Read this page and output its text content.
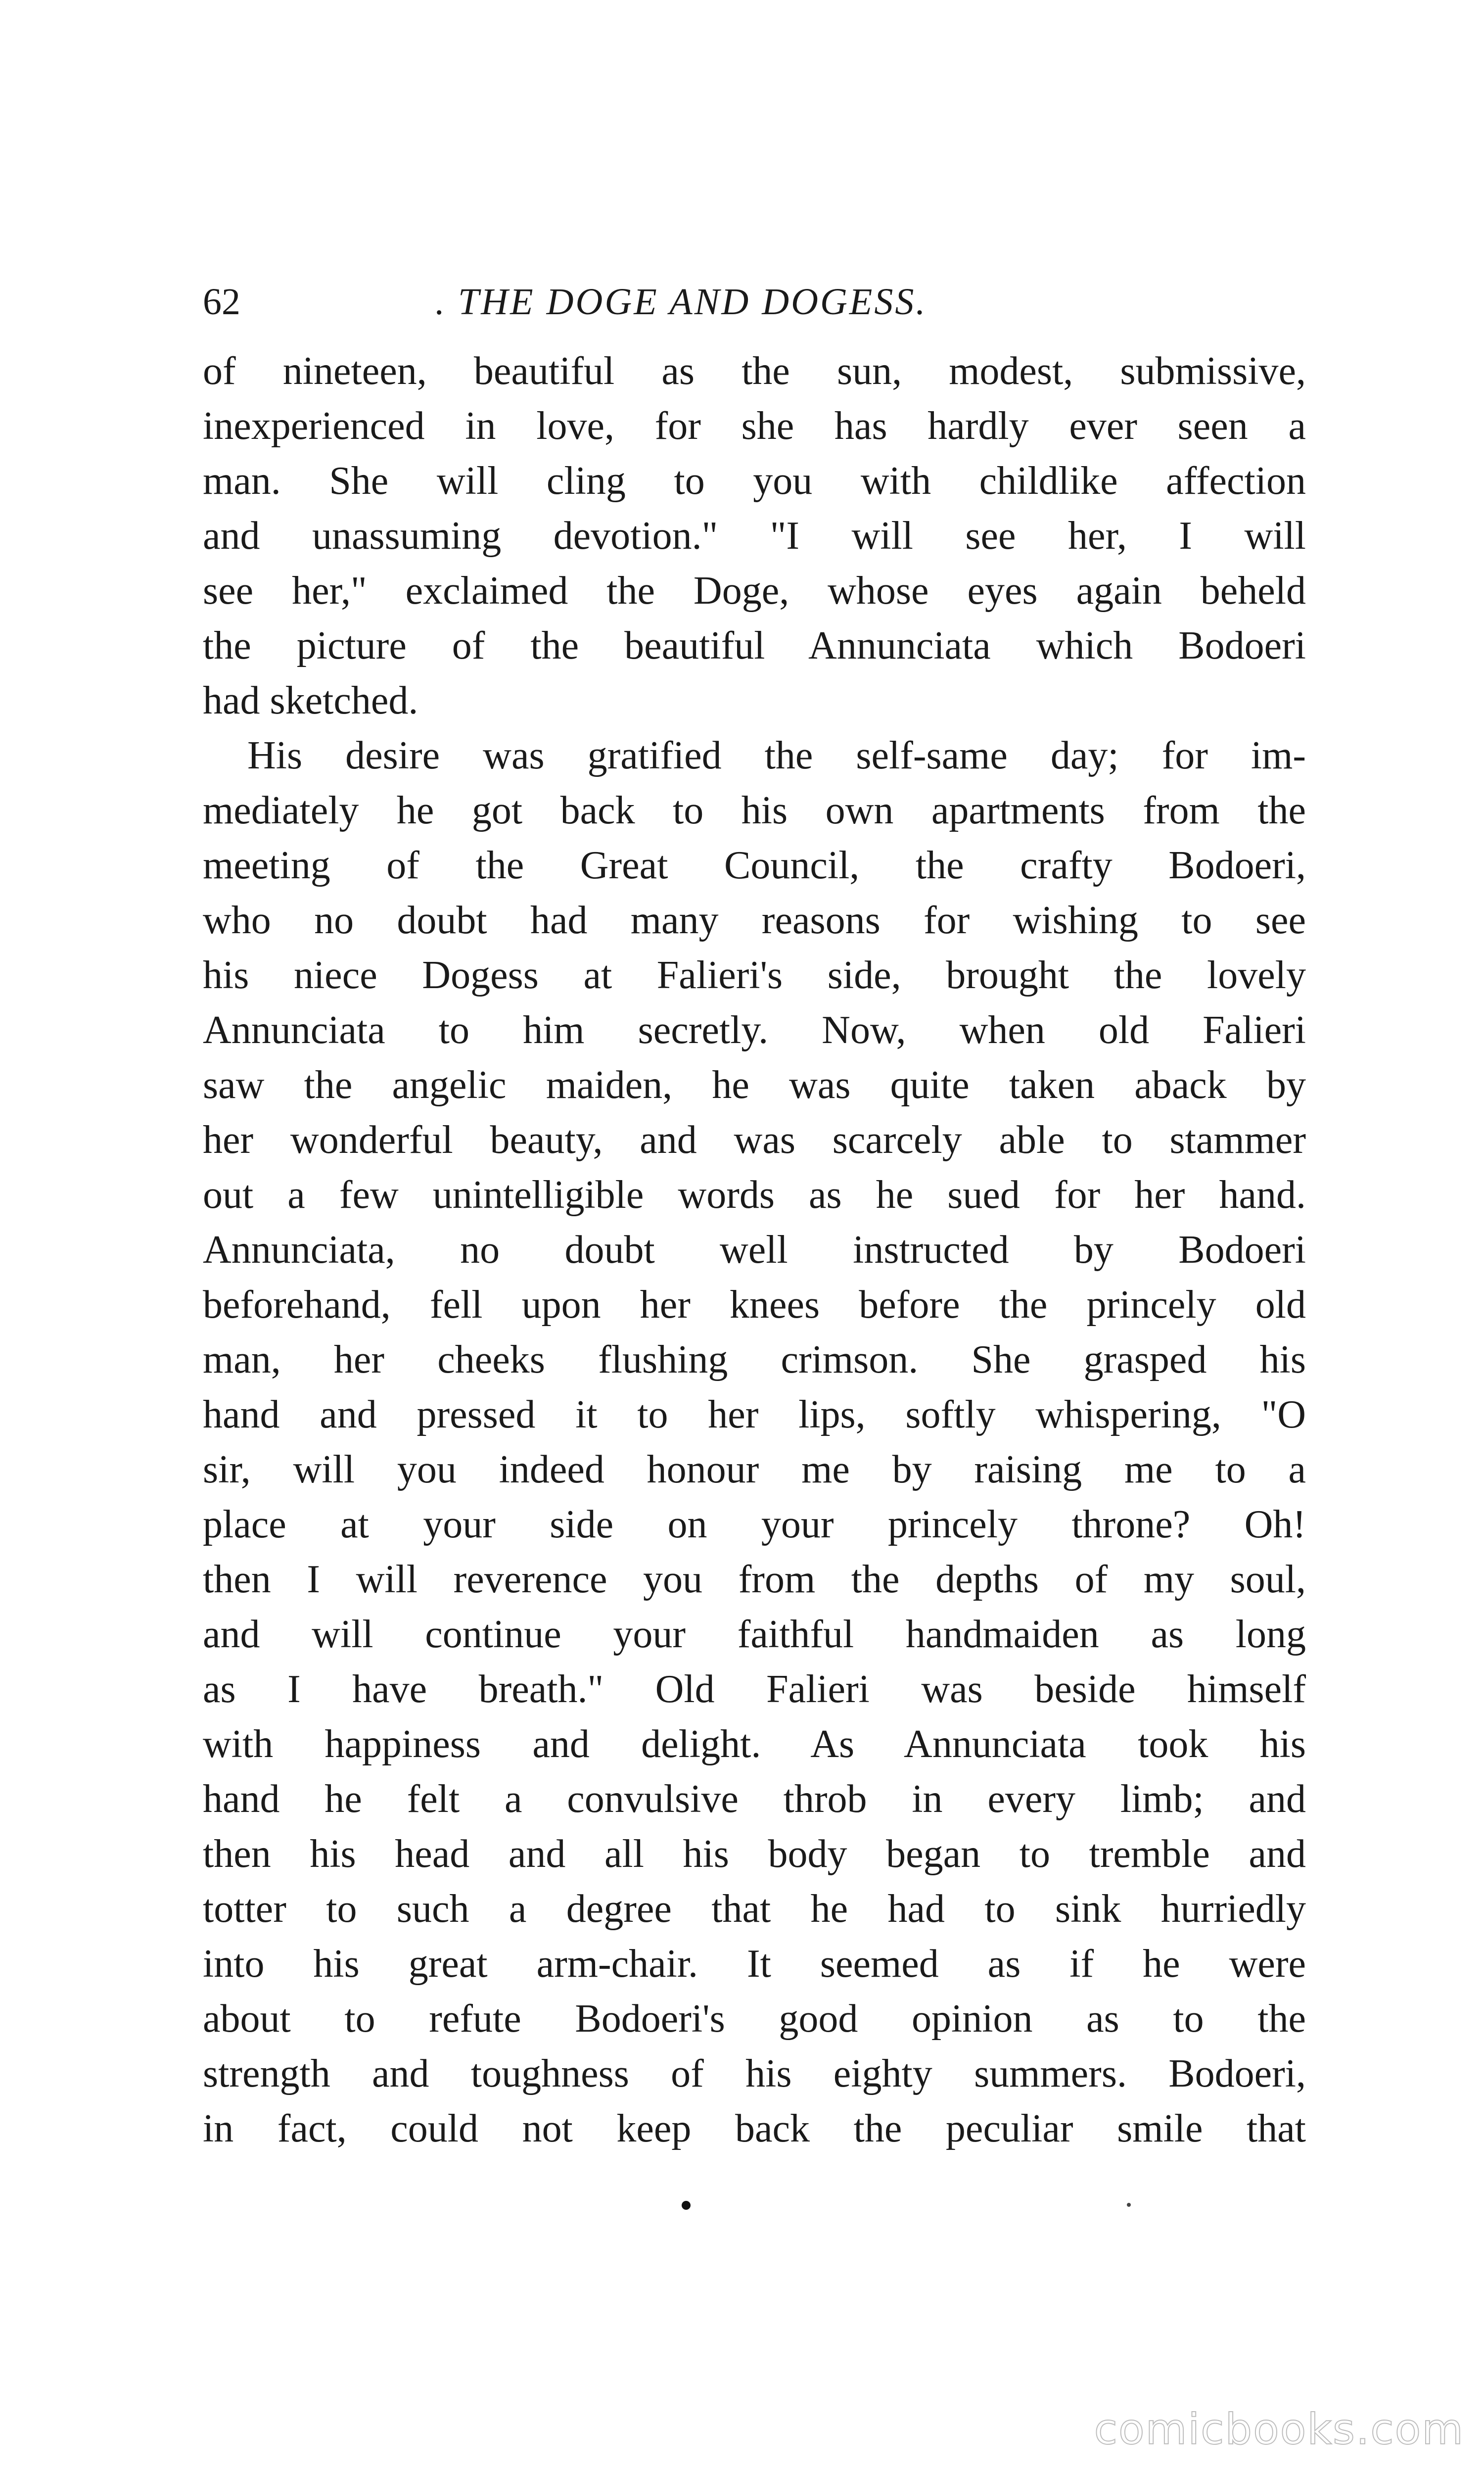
62	. THE DOGE AND DOGESS.
of nineteen, beautiful as the sun, modest, submissive,
inexperienced in love, for she has hardly ever seen a
man. She will cling to you with childlike affection
and unassuming devotion." "I will see her, I will
see her," exclaimed the Doge, whose eyes again beheld
the picture of the beautiful Annunciata which Bodoeri
had sketched.
His desire was gratified the self-same day; for im-
mediately he got back to his own apartments from the
meeting of the Great Council, the crafty Bodoeri,
who no doubt had many reasons for wishing to see
his niece Dogess at Falieri's side, brought the lovely
Annunciata to him secretly. Now, when old Falieri
saw the angelic maiden, he was quite taken aback by
her wonderful beauty, and was scarcely able to stammer
out a few unintelligible words as he sued for her hand.
Annunciata, no doubt well instructed by Bodoeri
beforehand, fell upon her knees before the princely old
man, her cheeks flushing crimson. She grasped his
hand and pressed it to her lips, softly whispering, "O
sir, will you indeed honour me by raising me to a
place at your side on your princely throne? Oh!
then I will reverence you from the depths of my soul,
and will continue your faithful handmaiden as long
as I have breath." Old Falieri was beside himself
with happiness and delight. As Annunciata took his
hand he felt a convulsive throb in every limb; and
then his head and all his body began to tremble and
totter to such a degree that he had to sink hurriedly
into his great arm-chair. It seemed as if he were
about to refute Bodoeri's good opinion as to the
strength and toughness of his eighty summers. Bodoeri,
in fact, could not keep back the peculiar smile that
comicbooks.com
